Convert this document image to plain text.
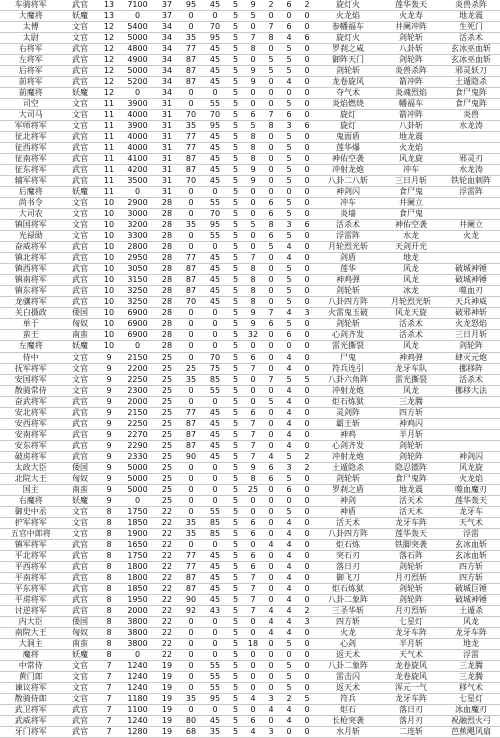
车骑将军	武官	13	7100	37	95	45	5	9	2	6	2	旋灯火	莲华轰天	炎兽杀阵
大魔将	妖魔	13	0	37	0	0	5	5	0	0	0	火龙焰	火龙寿	地龙震
太傅	文官	12	5400	34	0	70	5	0	7	6	0	参幡福车	井阑冲阵	生死门
太尉	文官	12	5000	34	35	95	5	7	8	4	6	旋灯火	剑轮斩	活杀术
右将军	武官	12	4800	34	77	45	5	8	0	5	0	罗刹之咸	八卦斩	玄冰巫血斩
左将军	武官	12	4900	34	87	45	5	0	5	5	0	御阵天门	剑轮阵	玄冰巫血斩
后将军	武官	12	5000	34	87	45	5	9	5	5	0	剑轮斩	炎兽杀阵	邪灵妖刀
前将军	武官	12	5200	34	87	45	5	9	0	4	0	龙卷旋风	箭冲阵	土遁隐杀
前魔将	妖魔	12	0	34	0	0	5	0	0	0	0	夺气术	炎魂烈焰	食尸鬼阵
司空	文官	11	3900	31	0	55	5	0	0	5	0	炎焰燃烧	幡福车	食尸鬼阵
大司马	文官	11	4000	31	70	70	5	6	7	6	0	旋灯	箭冲阵	炎兽
军师将军	文官	11	3900	31	35	95	5	5	8	3	6	旋灯	八卦斩	水龙涛
征北将军	武官	11	4000	31	77	45	5	8	0	5	0	鬼面盾	地龙震	
征西将军	武官	11	4000	31	77	45	5	8	0	5	0	莲华爆	火龙焰	
征南将军	武官	11	4100	31	87	45	5	8	0	5	0	神佑空袭	风龙旋	邪灵刃
征东将军	武官	11	4200	31	87	45	5	9	0	5	0	冲射龙炮	冲车	水龙涛
辅军将军	武官	11	3500	31	70	45	5	9	0	5	0	八卦二八斩	三日月斩	铁轮血刺阵
后魔将	妖魔	11	0	31	0	0	5	0	0	0	0	神剑闪	食尸鬼	浮雷阵
尚书令	文官	10	2900	28	0	55	5	0	6	5	0	冲车	井阑立	
大司农	文官	10	3000	28	0	70	5	0	6	5	0	炎墙	食尸鬼	
镇国将军	文官	10	3200	28	35	95	5	5	8	3	6	活杀术	神佑空袭	井阑立
光禄勋	文官	10	3300	28	0	55	5	0	6	5	0	浮雷阵	水龙	火龙
奋威将军	武官	10	2800	28	0	0	5	0	5	4	0	月轮烈光斩	天剑开光	
镇北将军	武官	10	2950	28	77	45	5	7	0	4	0	剑盾	地龙	
镇西将军	武官	10	3050	28	87	45	5	8	0	5	0	莲华	风龙	破城神锤
镇南将军	武官	10	3150	28	87	45	5	8	0	5	0	神鸡弹	风龙	破城神锤
镇东将军	武官	10	3250	28	87	45	5	8	0	5	0	剑轮斩	冰龙	噬血刃
龙骧将军	武官	10	3250	28	70	45	5	8	0	5	0	八卦四方阵	月轮烈光斩	天兵神威
关白摄政	倭国	10	6900	28	0	0	5	9	7	4	3	火雷鬼玉破	风龙天旋	破邪神斩
单于	匈奴	10	6900	28	0	0	5	9	6	5	0	剑轮斩	活杀术	火龙怒焰
蛮王	南蛮	10	6900	28	0	0	5	32	0	6	0	心剑齐发	活杀术	三日月斩
左魔将	妖魔	10	0	28	0	0	5	0	0	0	0	雷光撕裂	风龙	剑轮阵
侍中	文官	9	2150	25	0	70	5	6	0	4	0	尸鬼	神鸡弹	肆灭元炮
抚军将军	文官	9	2200	25	25	75	5	7	0	4	0	符兵连引	龙牙车队	挪移阵
安国将军	文官	9	2250	25	35	85	5	0	7	5	5	八卦六角阵	雷光撕裂	活杀术
散骑常侍	文官	9	2300	25	0	55	5	0	0	4	0	冲射龙炮	风龙	挪移大法
奋武将军	武官	9	2000	25	0	0	5	0	5	4	0	炬石炼狱	三龙腾	
安北将军	武官	9	2150	25	77	45	5	6	0	4	0	灵剑阵	四方斩	
安西将军	武官	9	2250	25	87	45	5	7	0	4	0	霸王斩	神鸡闪	
安南将军	武官	9	2270	25	87	45	5	7	0	4	0	神鸡	半月斩	
安东将军	武官	9	2290	25	87	45	5	7	0	4	0	心剑齐发	剑轮斩	
破虏将军	武官	9	2330	25	90	45	5	7	4	5	2	冲射龙炮	剑轮阵	神剑闪
太政大臣	倭国	9	5000	25	0	0	5	9	6	3	2	土遁隐杀	隐忍镖阵	风龙旋
北院大王	匈奴	9	5000	25	0	0	5	8	6	5	0	剑轮斩	食尸鬼阵	火龙焰
国主	南蛮	9	5000	25	0	0	5	25	0	6	0	罗刹之盾	地龙震	噬血魔刃
右魔将	妖魔	9	0	25	0	0	5	0	0	0	0	神剑	活天术	莲华轰天
御史中丞	文官	8	1750	22	0	55	5	0	0	5	0	神盾	活天术	龙牙车
护军将军	文官	8	1850	22	35	85	5	6	0	4	0	活天术	龙牙车阵	天气术
五官中郎将	文官	8	1900	22	35	85	5	6	0	4	0	八卦四方阵	莲华轰天	浮雷
镇军将军	武官	8	1650	22	0	0	5	0	4	4	0	炬石炼	铁脚突袭	玄冰血斩
平北将军	武官	8	1750	22	77	45	5	6	0	4	0	突石刃	落石阵	玄冰血斩
平西将军	武官	8	1800	22	77	45	5	6	0	4	0	落日刃	剑轮斩	四方斩
平南将军	武官	8	1800	22	87	45	5	7	0	4	0	御飞刀	月刃烈斩	四方斩
平东将军	武官	8	1850	22	87	45	5	7	0	4	0	炬石炼狱	剑轮斩	破城巨锤
平虏将军	武官	8	1950	22	90	45	5	7	0	4	0	八卦二象阵	剑轮阵	破城神锤
讨逆将军	武官	8	2000	22	92	43	5	7	4	4	2	三圣华斩	月刃烈斩	土遁杀
内大臣	倭国	8	3800	22	0	0	5	0	4	4	3	四方斩	七星灯	风龙
南院大王	匈奴	8	3800	22	0	0	5	0	4	4	0	火龙	龙牙车阵	龙牙车阵
大洞主	南蛮	8	3800	22	0	0	5	18	0	5	0	心剑	半月斩	地龙
魔将	妖魔	8	0	22	0	0	5	0	0	0	0	返天术	天气术	浮雷
中常侍	文官	7	1240	19	0	55	5	0	0	5	0	八卦二象阵	龙卷旋风	三龙腾
黄门郎	文官	7	1240	19	0	55	5	0	0	5	0	雷击闪	龙卷旋风	三龙腾
谏议将军	文官	7	1240	19	0	55	5	0	0	5	0	返天术	浑元一气	移气术
散骑侍郎	文官	7	1180	19	35	95	5	4	3	2	5	符兵	龙牙车阵	七星灯
武卫将军	武官	7	1100	19	0	0	5	0	4	4	0	炬石	落日刃	冰血魔刃
武威将军	武官	7	1240	19	80	45	5	6	0	4	0	长枪突袭	落月刃	祝融烈火弓
牙门将军	武官	7	1280	19	68	35	5	4	3	0	0	水月斩	二连斩	芭蕉飓风扇
